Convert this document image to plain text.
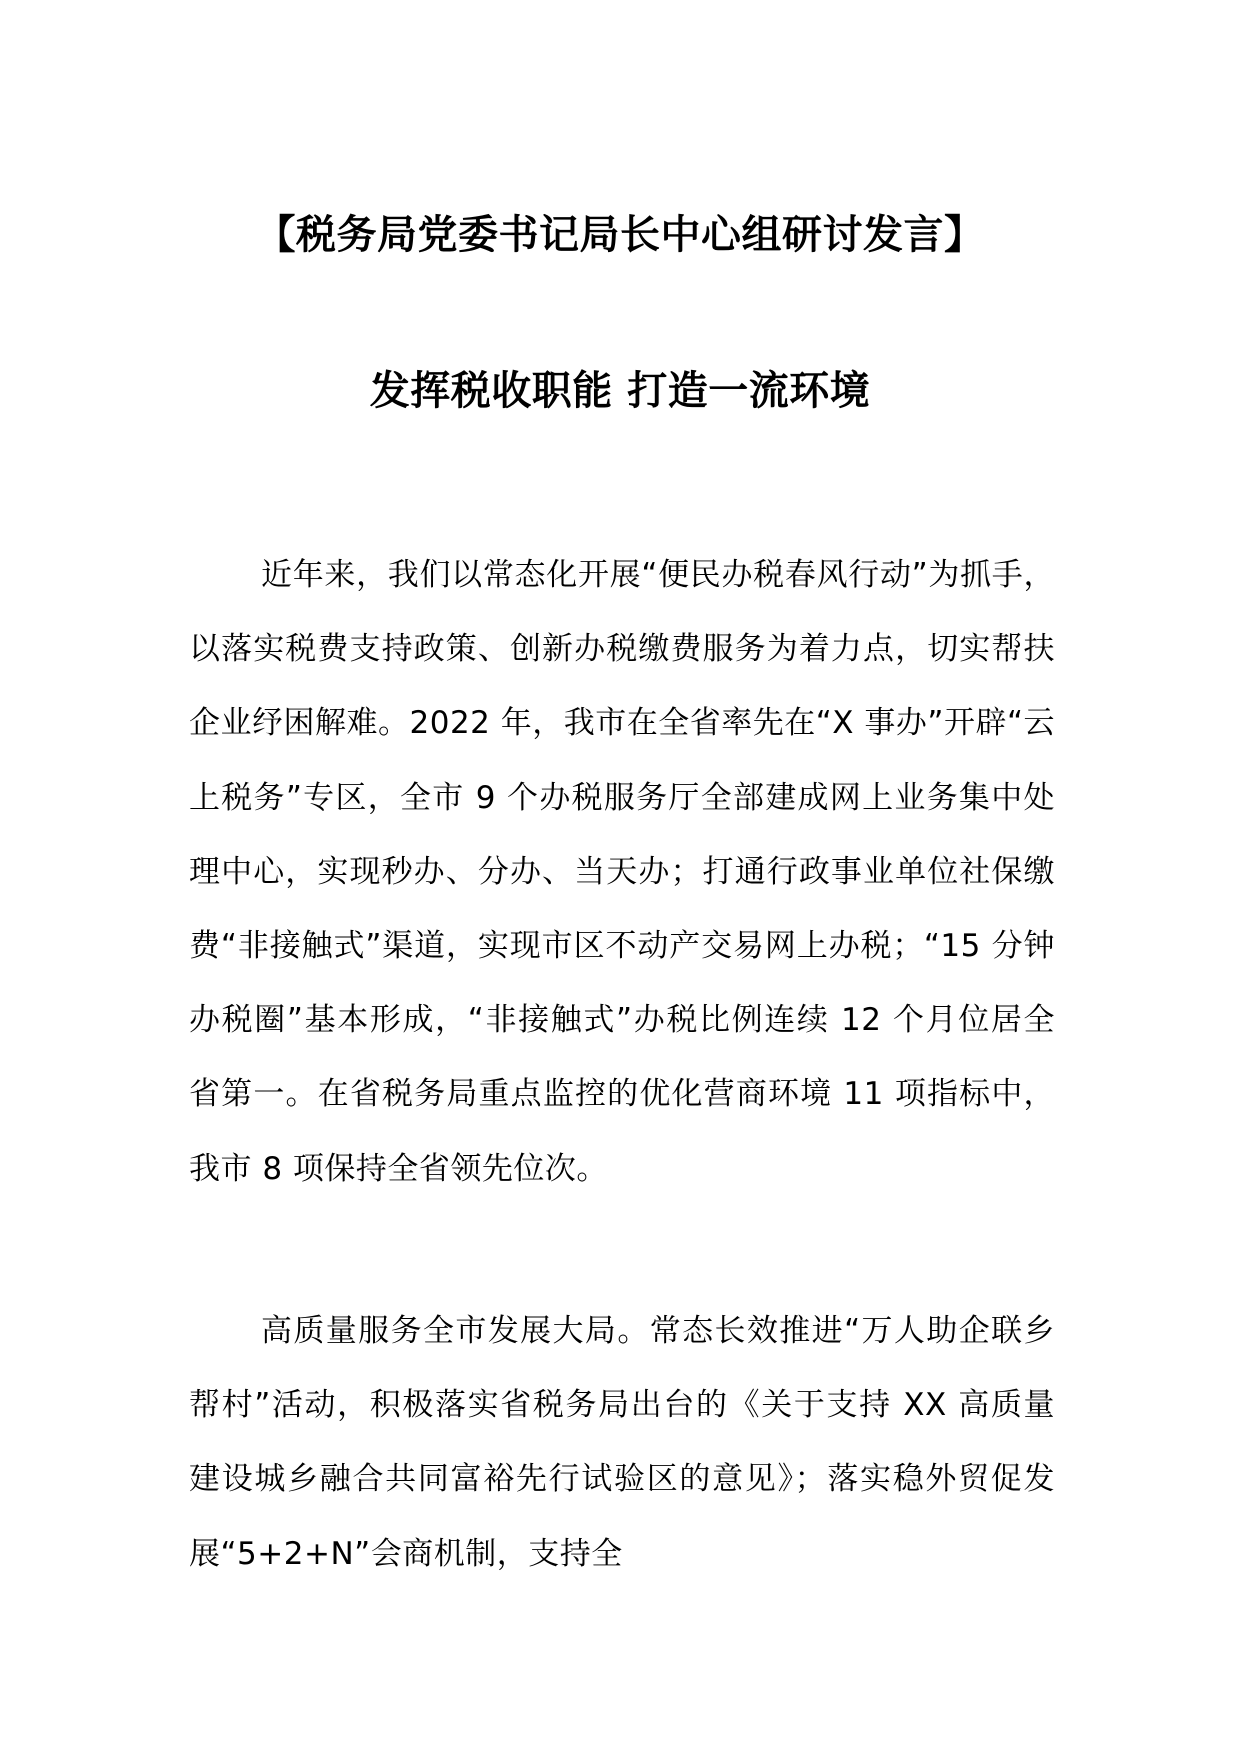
【税务局党委书记局长中心组研讨发言】
发挥税收职能 打造一流环境

近年来，我们以常态化开展“便民办税春风行动”为抓手，以落实税费支持政策、创新办税缴费服务为着力点，切实帮扶企业纾困解难。2022 年，我市在全省率先在“X 事办”开辟“云上税务”专区，全市 9 个办税服务厅全部建成网上业务集中处理中心，实现秒办、分办、当天办；打通行政事业单位社保缴费“非接触式”渠道，实现市区不动产交易网上办税；“15 分钟办税圈”基本形成，“非接触式”办税比例连续 12 个月位居全省第一。在省税务局重点监控的优化营商环境 11 项指标中，我市 8 项保持全省领先位次。

高质量服务全市发展大局。常态长效推进“万人助企联乡帮村”活动，积极落实省税务局出台的《关于支持 XX 高质量建设城乡融合共同富裕先行试验区的意见》；落实稳外贸促发展“5+2+N”会商机制，支持全
